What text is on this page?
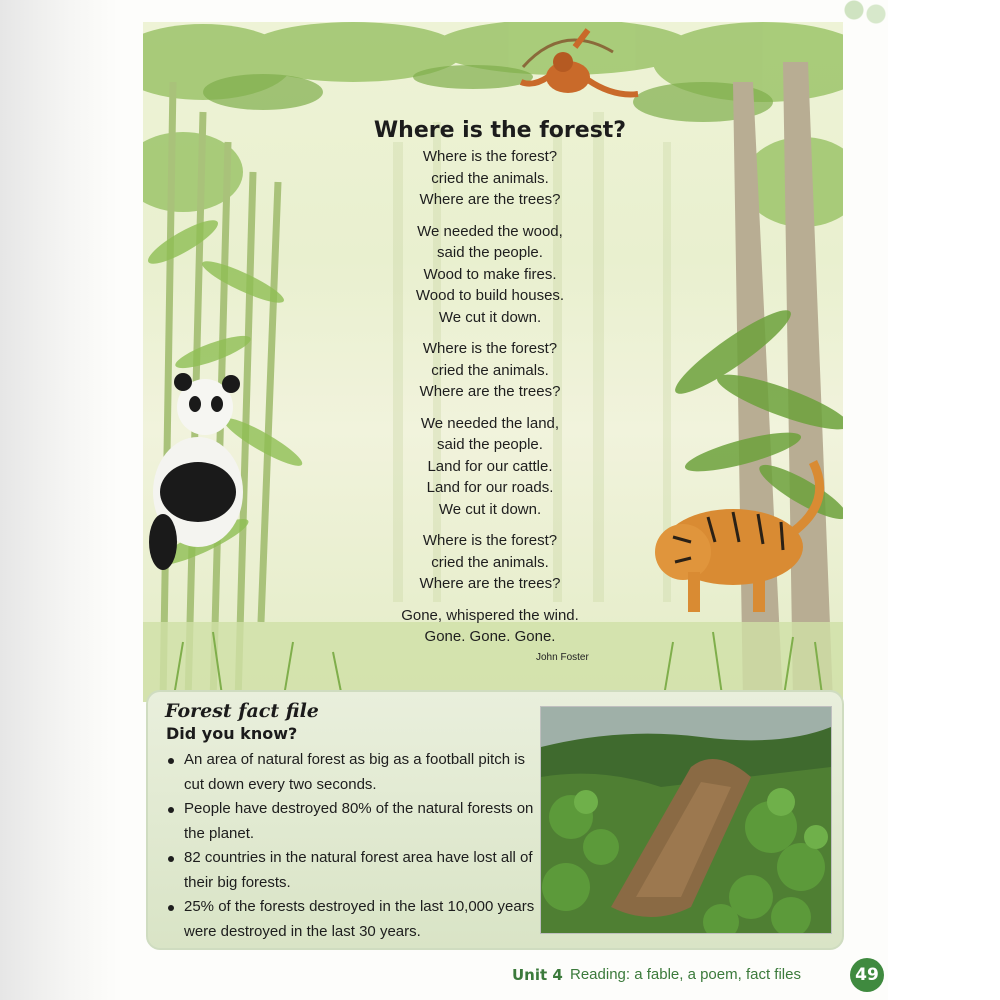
Where is the forest?
Where is the forest?
cried the animals.
Where are the trees?
We needed the wood,
said the people.
Wood to make fires.
Wood to build houses.
We cut it down.
Where is the forest?
cried the animals.
Where are the trees?
We needed the land,
said the people.
Land for our cattle.
Land for our roads.
We cut it down.
Where is the forest?
cried the animals.
Where are the trees?
Gone, whispered the wind.
Gone. Gone. Gone.
John Foster
Forest fact file
Did you know?
An area of natural forest as big as a football pitch is cut down every two seconds.
People have destroyed 80% of the natural forests on the planet.
82 countries in the natural forest area have lost all of their big forests.
25% of the forests destroyed in the last 10,000 years were destroyed in the last 30 years.
Unit 4 Reading: a fable, a poem, fact files	49
